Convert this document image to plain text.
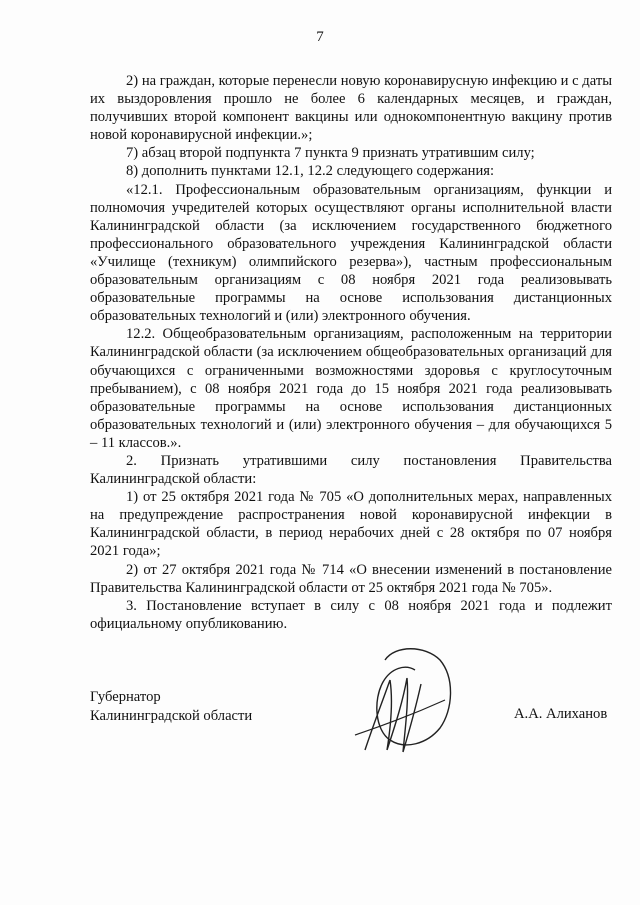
7

2) на граждан, которые перенесли новую коронавирусную инфекцию и с даты их выздоровления прошло не более 6 календарных месяцев, и граждан, получивших второй компонент вакцины или однокомпонентную вакцину против новой коронавирусной инфекции.»;

7) абзац второй подпункта 7 пункта 9 признать утратившим силу;

8) дополнить пунктами 12.1, 12.2 следующего содержания:

«12.1. Профессиональным образовательным организациям, функции и полномочия учредителей которых осуществляют органы исполнительной власти Калининградской области (за исключением государственного бюджетного профессионального образовательного учреждения Калининградской области «Училище (техникум) олимпийского резерва»), частным профессиональным образовательным организациям с 08 ноября 2021 года реализовывать образовательные программы на основе использования дистанционных образовательных технологий и (или) электронного обучения.

12.2. Общеобразовательным организациям, расположенным на территории Калининградской области (за исключением общеобразовательных организаций для обучающихся с ограниченными возможностями здоровья с круглосуточным пребыванием), с 08 ноября 2021 года до 15 ноября 2021 года реализовывать образовательные программы на основе использования дистанционных образовательных технологий и (или) электронного обучения – для обучающихся 5 – 11 классов.».

2. Признать утратившими силу постановления Правительства Калининградской области:

1) от 25 октября 2021 года № 705 «О дополнительных мерах, направленных на предупреждение распространения новой коронавирусной инфекции в Калининградской области, в период нерабочих дней с 28 октября по 07 ноября 2021 года»;

2) от 27 октября 2021 года № 714 «О внесении изменений в постановление Правительства Калининградской области от 25 октября 2021 года № 705».

3. Постановление вступает в силу с 08 ноября 2021 года и подлежит официальному опубликованию.

Губернатор
Калининградской области	А.А. Алиханов
